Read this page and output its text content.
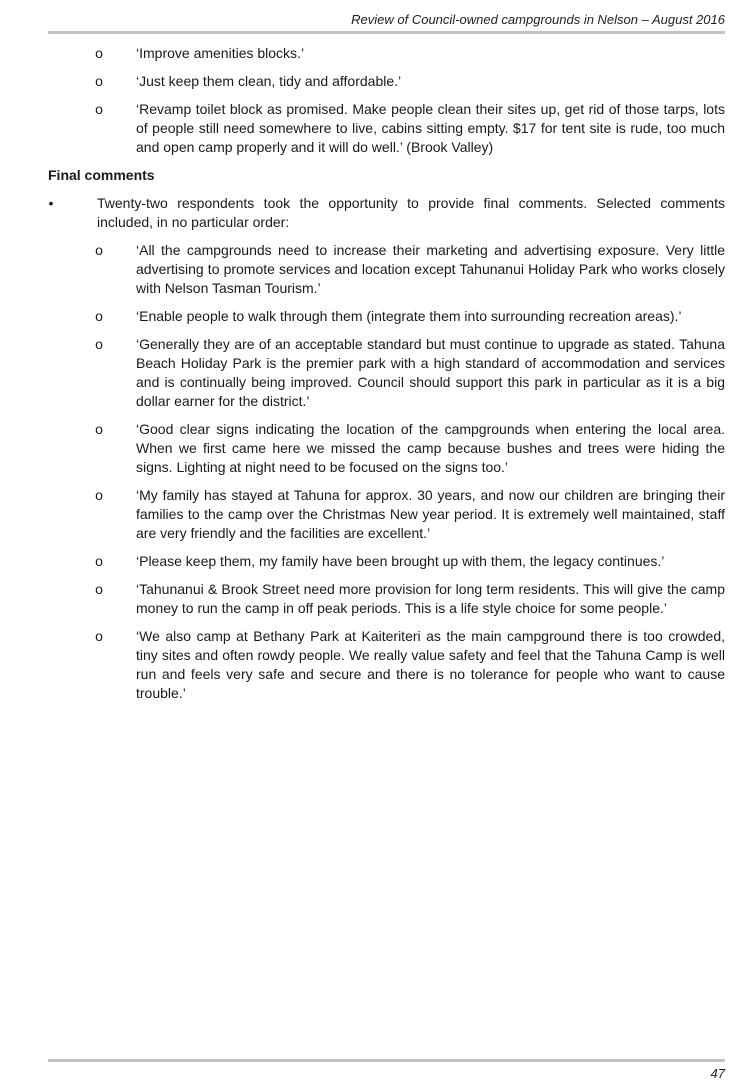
Review of Council-owned campgrounds in Nelson – August 2016
o ‘Improve amenities blocks.’
o ‘Just keep them clean, tidy and affordable.’
o ‘Revamp toilet block as promised. Make people clean their sites up, get rid of those tarps, lots of people still need somewhere to live, cabins sitting empty. $17 for tent site is rude, too much and open camp properly and it will do well.’ (Brook Valley)
Final comments
•	Twenty-two respondents took the opportunity to provide final comments. Selected comments included, in no particular order:
o ‘All the campgrounds need to increase their marketing and advertising exposure. Very little advertising to promote services and location except Tahunanui Holiday Park who works closely with Nelson Tasman Tourism.’
o ‘Enable people to walk through them (integrate them into surrounding recreation areas).’
o ‘Generally they are of an acceptable standard but must continue to upgrade as stated. Tahuna Beach Holiday Park is the premier park with a high standard of accommodation and services and is continually being improved. Council should support this park in particular as it is a big dollar earner for the district.’
o ‘Good clear signs indicating the location of the campgrounds when entering the local area. When we first came here we missed the camp because bushes and trees were hiding the signs. Lighting at night need to be focused on the signs too.’
o ‘My family has stayed at Tahuna for approx. 30 years, and now our children are bringing their families to the camp over the Christmas New year period. It is extremely well maintained, staff are very friendly and the facilities are excellent.’
o ‘Please keep them, my family have been brought up with them, the legacy continues.’
o ‘Tahunanui & Brook Street need more provision for long term residents. This will give the camp money to run the camp in off peak periods. This is a life style choice for some people.’
o ‘We also camp at Bethany Park at Kaiteriteri as the main campground there is too crowded, tiny sites and often rowdy people. We really value safety and feel that the Tahuna Camp is well run and feels very safe and secure and there is no tolerance for people who want to cause trouble.’
47
